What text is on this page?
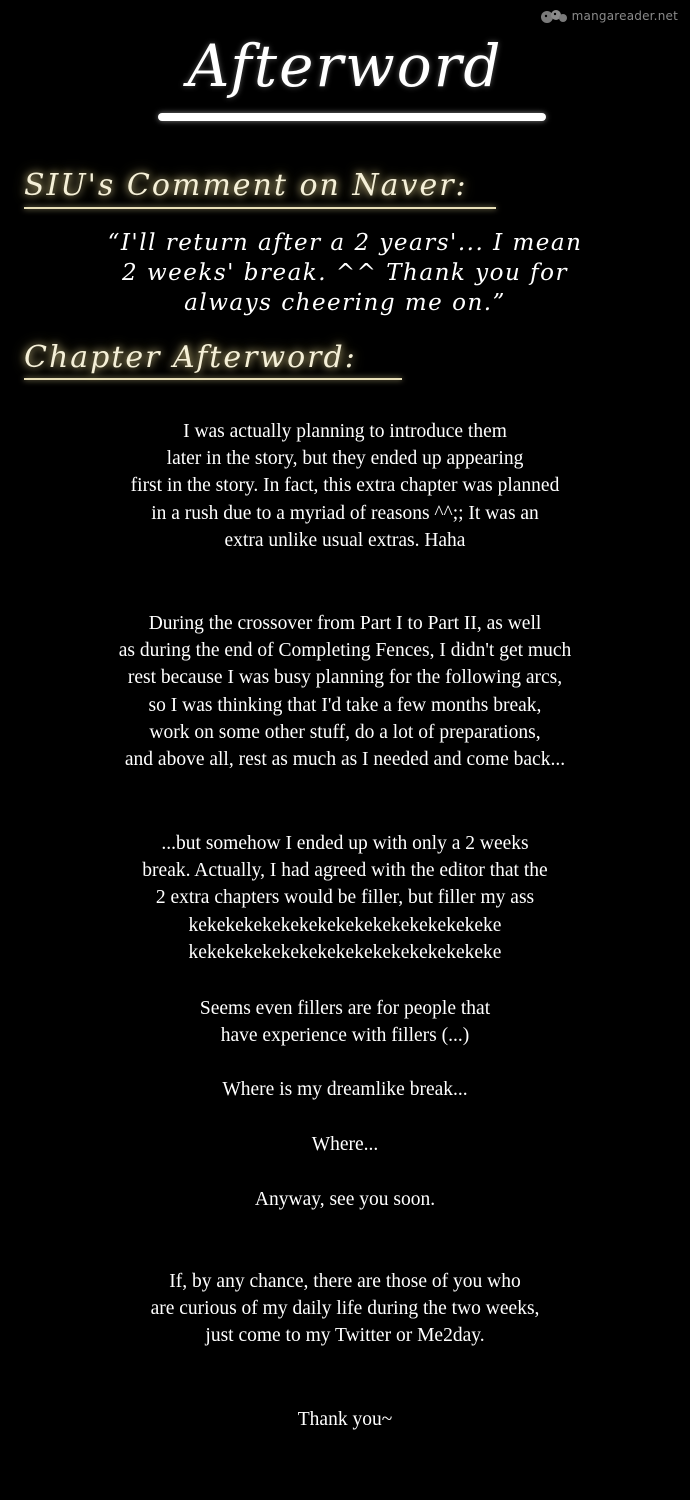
mangareader.net
Afterword
SIU's Comment on Naver:
“I'll return after a 2 years'... I mean
2 weeks' break. ^^ Thank you for
always cheering me on.”
Chapter Afterword:
I was actually planning to introduce them
later in the story, but they ended up appearing
first in the story. In fact, this extra chapter was planned
in a rush due to a myriad of reasons ^^;; It was an
extra unlike usual extras. Haha
During the crossover from Part I to Part II, as well
as during the end of Completing Fences, I didn't get much
rest because I was busy planning for the following arcs,
so I was thinking that I'd take a few months break,
work on some other stuff, do a lot of preparations,
and above all, rest as much as I needed and come back...
...but somehow I ended up with only a 2 weeks
break. Actually, I had agreed with the editor that the
2 extra chapters would be filler, but filler my ass
kekekekekekekekekekekekekekekekeke
kekekekekekekekekekekekekekekekeke
Seems even fillers are for people that
have experience with fillers (...)
Where is my dreamlike break...
Where...
Anyway, see you soon.
If, by any chance, there are those of you who
are curious of my daily life during the two weeks,
just come to my Twitter or Me2day.
Thank you~
